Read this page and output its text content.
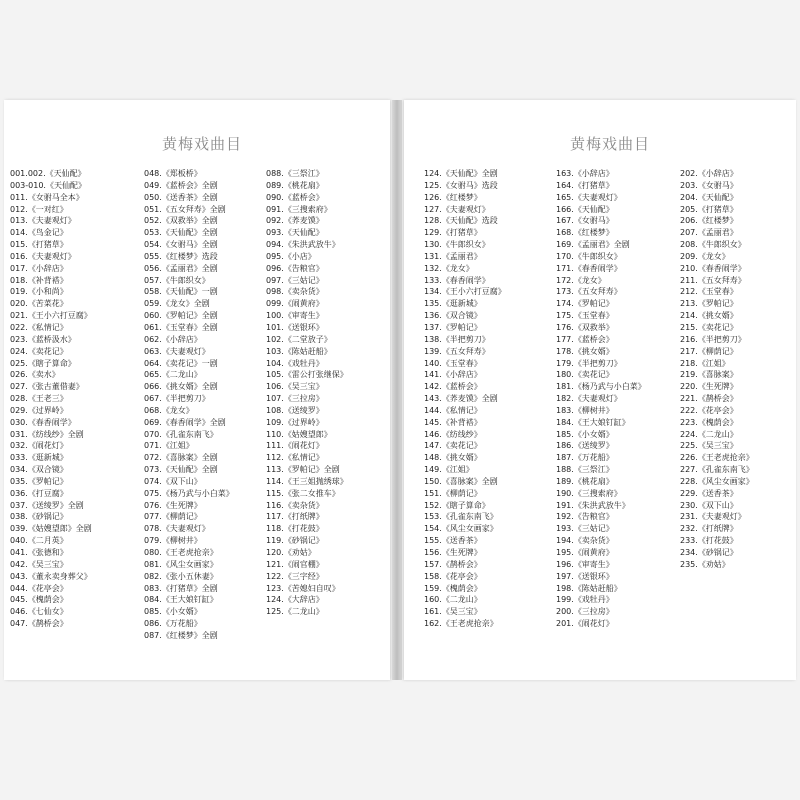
黄梅戏曲目
001.002.《天仙配》
003-010.《天仙配》
011.《女驸马全本》
012.《一对红》
013.《夫妻观灯》
014.《鸟金记》
015.《打猪草》
016.《夫妻观灯》
017.《小辞店》
018.《补背褡》
019.《小和尚》
020.《苦菜花》
021.《王小六打豆腐》
022.《私情记》
023.《蓝桥汲水》
024.《卖花记》
025.《瞎子算命》
026.《卖水》
027.《张古董借妻》
028.《王老三》
029.《过界岭》
030.《春香闹学》
031.《纺线纱》全剧
032.《闹花灯》
033.《逛新城》
034.《双合镜》
035.《罗帕记》
036.《打豆腐》
037.《送绫罗》全剧
038.《砂锅记》
039.《姑嫂望郎》全剧
040.《二月英》
041.《张德和》
042.《吴三宝》
043.《董永卖身葬父》
044.《花亭会》
045.《槐荫会》
046.《七仙女》
047.《鹊桥会》
048.《郑板桥》
049.《蓝桥会》全剧
050.《送香茶》全剧
051.《五女拜寿》全剧
052.《双救举》全剧
053.《天仙配》全剧
054.《女驸马》全剧
055.《红楼梦》选段
056.《孟丽君》全剧
057.《牛郎织女》
058.《天仙配》一剧
059.《龙女》全剧
060.《罗帕记》全剧
061.《玉堂春》全剧
062.《小辞店》
063.《夫妻观灯》
064.《卖花记》一剧
065.《二龙山》
066.《挑女婿》全剧
067.《半把剪刀》
068.《龙女》
069.《春香闹学》全剧
070.《孔雀东南飞》
071.《江姐》
072.《喜脉案》全剧
073.《天仙配》全剧
074.《双下山》
075.《杨乃武与小白菜》
076.《生死牌》
077.《柳荫记》
078.《夫妻观灯》
079.《柳树井》
080.《王老虎抢亲》
081.《风尘女画家》
082.《张小五休妻》
083.《打猪草》全剧
084.《王大娘钉缸》
085.《小女婿》
086.《万花船》
087.《红楼梦》全剧
088.《三祭江》
089.《桃花扇》
090.《蓝桥会》
091.《三搜索府》
092.《荞麦馍》
093.《天仙配》
094.《朱洪武放牛》
095.《小店》
096.《告粮官》
097.《三姑记》
098.《卖杂货》
099.《闹黄府》
100.《审寄生》
101.《送银环》
102.《二堂放子》
103.《陈姑赶船》
104.《戏牡丹》
105.《雷公打张继保》
106.《吴三宝》
107.《三拉房》
108.《送绫罗》
109.《过界岭》
110.《姑嫂望郎》
111.《闹花灯》
112.《私情记》
113.《罗帕记》全剧
114.《王三姐抛绣球》
115.《张二女推车》
116.《卖杂货》
117.《打纸牌》
118.《打花鼓》
119.《砂锅记》
120.《劝姑》
121.《闹官棚》
122.《三字经》
123.《苦媳妇自叹》
124.《大辞店》
125.《二龙山》
黄梅戏曲目
124.《天仙配》全剧
125.《女驸马》选段
126.《红楼梦》
127.《夫妻观灯》
128.《天仙配》选段
129.《打猪草》
130.《牛郎织女》
131.《孟丽君》
132.《龙女》
133.《春香闹学》
134.《王小六打豆腐》
135.《逛新城》
136.《双合镜》
137.《罗帕记》
138.《半把剪刀》
139.《五女拜寿》
140.《玉堂春》
141.《小辞店》
142.《蓝桥会》
143.《荞麦馍》全剧
144.《私情记》
145.《补背褡》
146.《纺线纱》
147.《卖花记》
148.《挑女婿》
149.《江姐》
150.《喜脉案》全剧
151.《柳荫记》
152.《瞎子算命》
153.《孔雀东南飞》
154.《风尘女画家》
155.《送香茶》
156.《生死牌》
157.《鹊桥会》
158.《花亭会》
159.《槐荫会》
160.《二龙山》
161.《吴三宝》
162.《王老虎抢亲》
163.《小辞店》
164.《打猪草》
165.《夫妻观灯》
166.《天仙配》
167.《女驸马》
168.《红楼梦》
169.《孟丽君》全剧
170.《牛郎织女》
171.《春香闹学》
172.《龙女》
173.《五女拜寿》
174.《罗帕记》
175.《玉堂春》
176.《双救举》
177.《蓝桥会》
178.《挑女婿》
179.《半把剪刀》
180.《卖花记》
181.《杨乃武与小白菜》
182.《夫妻观灯》
183.《柳树井》
184.《王大娘钉缸》
185.《小女婿》
186.《送绫罗》
187.《万花船》
188.《三祭江》
189.《桃花扇》
190.《三搜索府》
191.《朱洪武放牛》
192.《告粮官》
193.《三姑记》
194.《卖杂货》
195.《闹黄府》
196.《审寄生》
197.《送银环》
198.《陈姑赶船》
199.《戏牡丹》
200.《三拉房》
201.《闹花灯》
202.《小辞店》
203.《女驸马》
204.《天仙配》
205.《打猪草》
206.《红楼梦》
207.《孟丽君》
208.《牛郎织女》
209.《龙女》
210.《春香闹学》
211.《五女拜寿》
212.《玉堂春》
213.《罗帕记》
214.《挑女婿》
215.《卖花记》
216.《半把剪刀》
217.《柳荫记》
218.《江姐》
219.《喜脉案》
220.《生死牌》
221.《鹊桥会》
222.《花亭会》
223.《槐荫会》
224.《二龙山》
225.《吴三宝》
226.《王老虎抢亲》
227.《孔雀东南飞》
228.《风尘女画家》
229.《送香茶》
230.《双下山》
231.《夫妻观灯》
232.《打纸牌》
233.《打花鼓》
234.《砂锅记》
235.《劝姑》
